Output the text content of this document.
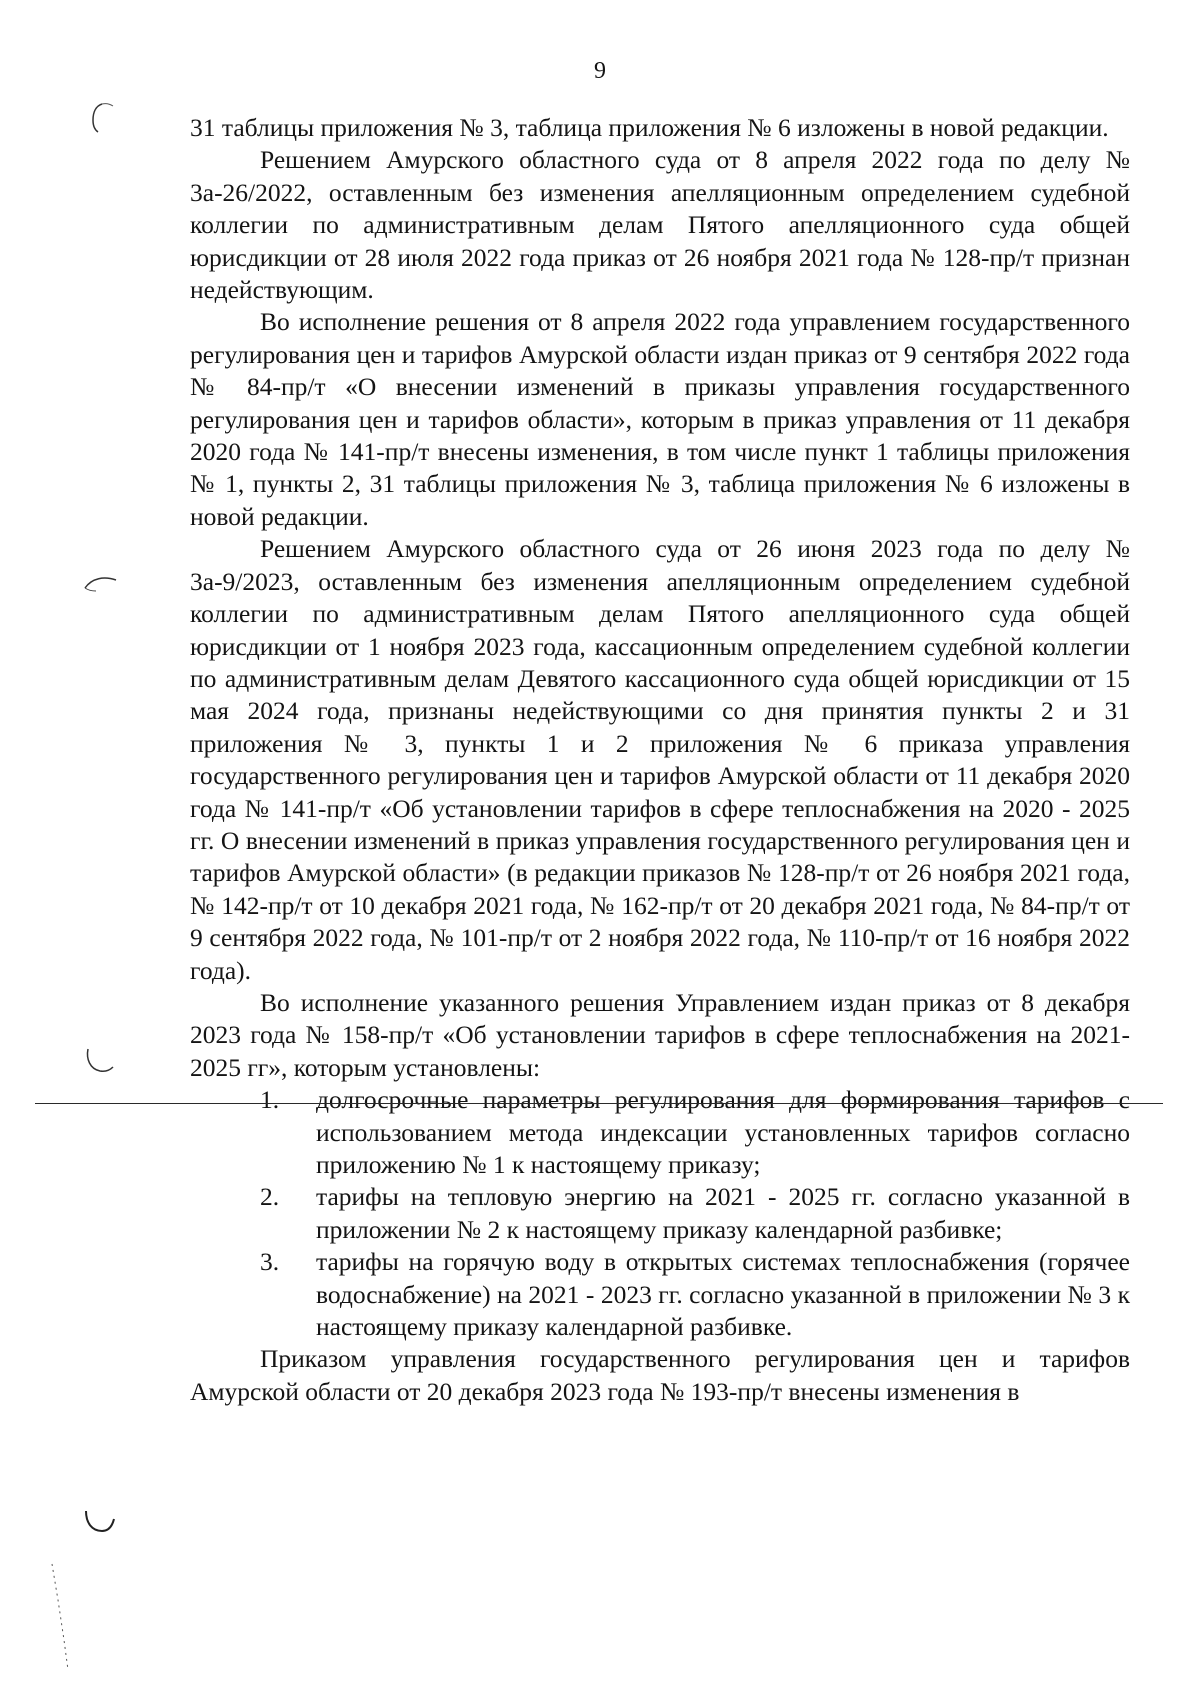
9

31 таблицы приложения № 3, таблица приложения № 6 изложены в новой редакции.

Решением Амурского областного суда от 8 апреля 2022 года по делу № 3а-26/2022, оставленным без изменения апелляционным определением судебной коллегии по административным делам Пятого апелляционного суда общей юрисдикции от 28 июля 2022 года приказ от 26 ноября 2021 года № 128-пр/т признан недействующим.

Во исполнение решения от 8 апреля 2022 года управлением государственного регулирования цен и тарифов Амурской области издан приказ от 9 сентября 2022 года № 84-пр/т «О внесении изменений в приказы управления государственного регулирования цен и тарифов области», которым в приказ управления от 11 декабря 2020 года № 141-пр/т внесены изменения, в том числе пункт 1 таблицы приложения № 1, пункты 2, 31 таблицы приложения № 3, таблица приложения № 6 изложены в новой редакции.

Решением Амурского областного суда от 26 июня 2023 года по делу № 3а-9/2023, оставленным без изменения апелляционным определением судебной коллегии по административным делам Пятого апелляционного суда общей юрисдикции от 1 ноября 2023 года, кассационным определением судебной коллегии по административным делам Девятого кассационного суда общей юрисдикции от 15 мая 2024 года, признаны недействующими со дня принятия пункты 2 и 31 приложения № 3, пункты 1 и 2 приложения № 6 приказа управления государственного регулирования цен и тарифов Амурской области от 11 декабря 2020 года № 141-пр/т «Об установлении тарифов в сфере теплоснабжения на 2020 - 2025 гг. О внесении изменений в приказ управления государственного регулирования цен и тарифов Амурской области» (в редакции приказов № 128-пр/т от 26 ноября 2021 года, № 142-пр/т от 10 декабря 2021 года, № 162-пр/т от 20 декабря 2021 года, № 84-пр/т от 9 сентября 2022 года, № 101-пр/т от 2 ноября 2022 года, № 110-пр/т от 16 ноября 2022 года).

Во исполнение указанного решения Управлением издан приказ от 8 декабря 2023 года № 158-пр/т «Об установлении тарифов в сфере теплоснабжения на 2021-2025 гг», которым установлены:

1. долгосрочные параметры регулирования для формирования тарифов с использованием метода индексации установленных тарифов согласно приложению № 1 к настоящему приказу;
2. тарифы на тепловую энергию на 2021 - 2025 гг. согласно указанной в приложении № 2 к настоящему приказу календарной разбивке;
3. тарифы на горячую воду в открытых системах теплоснабжения (горячее водоснабжение) на 2021 - 2023 гг. согласно указанной в приложении № 3 к настоящему приказу календарной разбивке.

Приказом управления государственного регулирования цен и тарифов Амурской области от 20 декабря 2023 года № 193-пр/т внесены изменения в
